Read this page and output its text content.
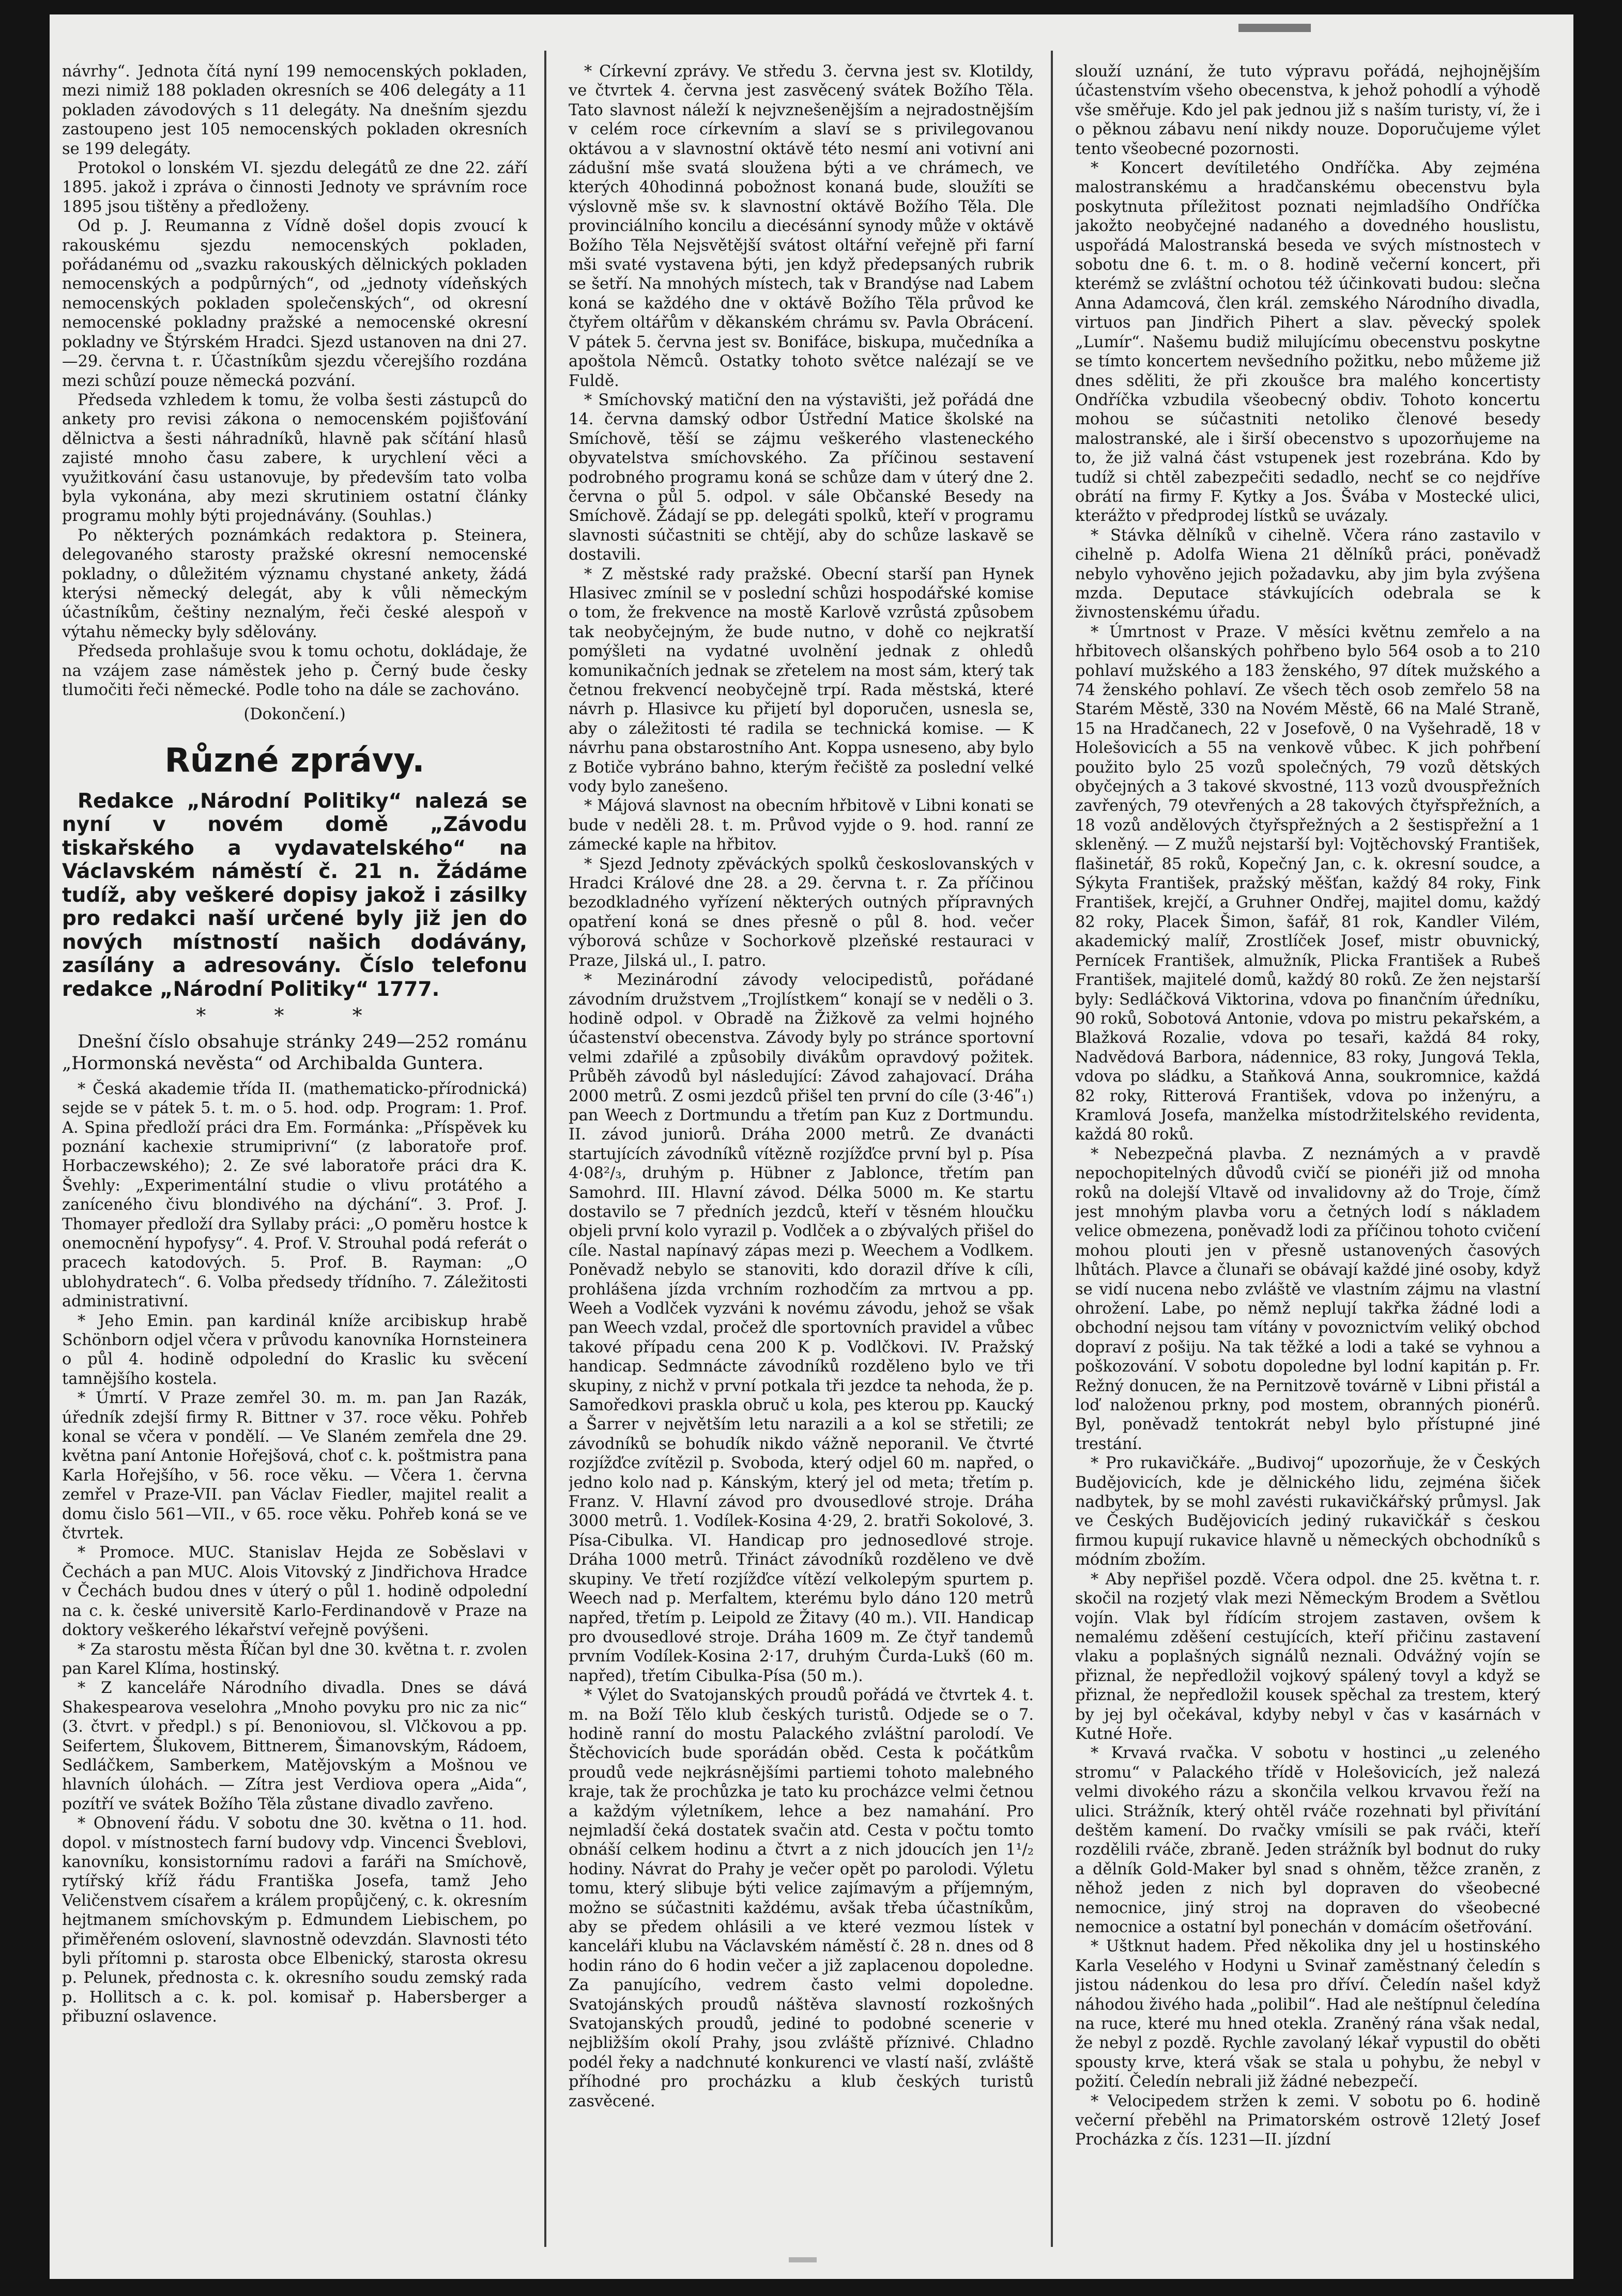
návrhy“. Jednota čítá nyní 199 nemocenských pokladen, mezi nimiž 188 pokladen okresních se 406 delegáty a 11 pokladen závodových s 11 delegáty. Na dnešním sjezdu zastoupeno jest 105 nemocenských pokladen okresních se 199 delegáty.

Protokol o lonském VI. sjezdu delegátů ze dne 22. září 1895. jakož i zpráva o činnosti Jednoty ve správním roce 1895 jsou tištěny a předloženy.

Od p. J. Reumanna z Vídně došel dopis zvoucí k rakouskému sjezdu nemocenských pokladen, pořádanému od „svazku rakouských dělnických pokladen nemocenských a podpůrných“, od „jednoty vídeňských nemocenských pokladen společenských“, od okresní nemocenské pokladny pražské a nemocenské okresní pokladny ve Štýrském Hradci. Sjezd ustanoven na dni 27.—29. června t. r. Účastníkům sjezdu včerejšího rozdána mezi schůzí pouze německá pozvání.

Předseda vzhledem k tomu, že volba šesti zástupců do ankety pro revisi zákona o nemocenském pojišťování dělnictva a šesti náhradníků, hlavně pak sčítání hlasů zajisté mnoho času zabere, k urychlení věci a využitkování času ustanovuje, by především tato volba byla vykonána, aby mezi skrutiniem ostatní články programu mohly býti projednávány. (Souhlas.)

Po některých poznámkách redaktora p. Steinera, delegovaného starosty pražské okresní nemocenské pokladny, o důležitém významu chystané ankety, žádá kterýsi německý delegát, aby k vůli německým účastníkům, češtiny neznalým, řeči české alespoň v výtahu německy byly sdělovány.

Předseda prohlašuje svou k tomu ochotu, dokládaje, že na vzájem zase náměstek jeho p. Černý bude česky tlumočiti řeči německé. Podle toho na dále se zachováno.

(Dokončení.)

Různé zprávy.

Redakce „Národní Politiky“ nalezá se nyní v novém domě „Závodu tiskařského a vydavatelského“ na Václavském náměstí č. 21 n. Žádáme tudíž, aby veškeré dopisy jakož i zásilky pro redakci naší určené byly již jen do nových místností našich dodávány, zasílány a adresovány. Číslo telefonu redakce „Národní Politiky“ 1777.

* * *

Dnešní číslo obsahuje stránky 249—252 románu „Hormonská nevěsta“ od Archibalda Guntera.

* Česká akademie třída II. (mathematicko-přírodnická) sejde se v pátek 5. t. m. o 5. hod. odp. Program: 1. Prof. A. Spina předloží práci dra Em. Formánka: „Příspěvek ku poznání kachexie strumiprivní“ (z laboratoře prof. Horbaczewského); 2. Ze své laboratoře práci dra K. Švehly: „Experimentální studie o vlivu protátého a zaníceného čivu blondivého na dýchání“. 3. Prof. J. Thomayer předloží dra Syllaby práci: „O poměru hostce k onemocnění hypofysy“. 4. Prof. V. Strouhal podá referát o pracech katodových. 5. Prof. B. Rayman: „O ublohydratech“. 6. Volba předsedy třídního. 7. Záležitosti administrativní.

* Jeho Emin. pan kardinál kníže arcibiskup hrabě Schönborn odjel včera v průvodu kanovníka Hornsteinera o půl 4. hodině odpolední do Kraslic ku svěcení tamnějšího kostela.

* Úmrtí. V Praze zemřel 30. m. m. pan Jan Razák, úředník zdejší firmy R. Bittner v 37. roce věku. Pohřeb konal se včera v pondělí. — Ve Slaném zemřela dne 29. května paní Antonie Hořejšová, choť c. k. poštmistra pana Karla Hořejšího, v 56. roce věku. — Včera 1. června zemřel v Praze-VII. pan Václav Fiedler, majitel realit a domu čislo 561—VII., v 65. roce věku. Pohřeb koná se ve čtvrtek.

* Promoce. MUC. Stanislav Hejda ze Soběslavi v Čechách a pan MUC. Alois Vitovský z Jindřichova Hradce v Čechách budou dnes v úterý o půl 1. hodině odpolední na c. k. české universitě Karlo-Ferdinandově v Praze na doktory veškerého lékařství veřejně povýšeni.

* Za starostu města Říčan byl dne 30. května t. r. zvolen pan Karel Klíma, hostinský.

* Z kanceláře Národního divadla. Dnes se dává Shakespearova veselohra „Mnoho povyku pro nic za nic“ (3. čtvrt. v předpl.) s pí. Benoniovou, sl. Vlčkovou a pp. Seifertem, Šlukovem, Bittnerem, Šimanovským, Rádoem, Sedláčkem, Samberkem, Matějovským a Mošnou ve hlavních úlohách. — Zítra jest Verdiova opera „Aida“, pozítří ve svátek Božího Těla zůstane divadlo zavřeno.

* Obnovení řádu. V sobotu dne 30. května o 11. hod. dopol. v místnostech farní budovy vdp. Vincenci Šveblovi, kanovníku, konsistornímu radovi a faráři na Smíchově, rytířský kříž řádu Františka Josefa, tamž Jeho Veličenstvem císařem a králem propůjčený, c. k. okresním hejtmanem smíchovským p. Edmundem Liebischem, po přiměřeném oslovení, slavnostně odevzdán. Slavnosti této byli přítomni p. starosta obce Elbenický, starosta okresu p. Pelunek, přednosta c. k. okresního soudu zemský rada p. Hollitsch a c. k. pol. komisař p. Habersberger a přibuzní oslavence.

* Církevní zprávy. Ve středu 3. června jest sv. Klotildy, ve čtvrtek 4. června jest zasvěcený svátek Božího Těla. Tato slavnost náleží k nejvznešenějším a nejradostnějším v celém roce církevním a slaví se s privilegovanou oktávou a v slavnostní oktávě této nesmí ani votivní ani zádušní mše svatá sloužena býti a ve chrámech, ve kterých 40hodinná pobožnost konaná bude, sloužíti se výslovně mše sv. k slavnostní oktávě Božího Těla. Dle provinciálního koncilu a diecésánní synody může v oktávě Božího Těla Nejsvětější svátost oltářní veřejně při farní mši svaté vystavena býti, jen když předepsaných rubrik se šetří. Na mnohých místech, tak v Brandýse nad Labem koná se každého dne v oktávě Božího Těla průvod ke čtyřem oltářům v děkanském chrámu sv. Pavla Obrácení. V pátek 5. června jest sv. Bonifáce, biskupa, mučedníka a apoštola Němců. Ostatky tohoto světce nalézají se ve Fuldě.

* Smíchovský matiční den na výstavišti, jež pořádá dne 14. června damský odbor Ústřední Matice školské na Smíchově, těší se zájmu veškerého vlasteneckého obyvatelstva smíchovského. Za příčinou sestavení podrobného programu koná se schůze dam v úterý dne 2. června o půl 5. odpol. v sále Občanské Besedy na Smíchově. Žádají se pp. delegáti spolků, kteří v programu slavnosti súčastniti se chtějí, aby do schůze laskavě se dostavili.

* Z městské rady pražské. Obecní starší pan Hynek Hlasivec zmínil se v poslední schůzi hospodářské komise o tom, že frekvence na mostě Karlově vzrůstá způsobem tak neobyčejným, že bude nutno, v dohě co nejkratší pomýšleti na vydatné uvolnění jednak z ohledů komunikačních jednak se zřetelem na most sám, který tak četnou frekvencí neobyčejně trpí. Rada městská, které návrh p. Hlasivce ku přijetí byl doporučen, usnesla se, aby o záležitosti té radila se technická komise. — K návrhu pana obstarostního Ant. Koppa usneseno, aby bylo z Botiče vybráno bahno, kterým řečiště za poslední velké vody bylo zanešeno.

* Májová slavnost na obecním hřbitově v Libni konati se bude v neděli 28. t. m. Průvod vyjde o 9. hod. ranní ze zámecké kaple na hřbitov.

* Sjezd Jednoty zpěváckých spolků českoslovanských v Hradci Králové dne 28. a 29. června t. r. Za příčinou bezodkladného vyřízení některých outných přípravných opatření koná se dnes přesně o půl 8. hod. večer výborová schůze v Sochorkově plzeňské restauraci v Praze, Jilská ul., I. patro.

* Mezinárodní závody velocipedistů, pořádané závodním družstvem „Trojlístkem“ konají se v neděli o 3. hodině odpol. v Obradě na Žižkově za velmi hojného účastenství obecenstva. Závody byly po stránce sportovní velmi zdařilé a způsobily divákům opravdový požitek. Průběh závodů byl následující: Závod zahajovací. Dráha 2000 metrů. Z osmi jezdců přišel ten první do cíle (3·46ʺ₁) pan Weech z Dortmundu a třetím pan Kuz z Dortmundu. II. závod juniorů. Dráha 2000 metrů. Ze dvanácti startujících závodníků vítězně rozjížďce první byl p. Písa 4·08²/₃, druhým p. Hübner z Jablonce, třetím pan Samohrd. III. Hlavní závod. Délka 5000 m. Ke startu dostavilo se 7 předních jezdců, kteří v těsném hloučku objeli první kolo vyrazil p. Vodlček a o zbývalých přišel do cíle. Nastal napínavý zápas mezi p. Weechem a Vodlkem. Poněvadž nebylo se stanoviti, kdo dorazil dříve k cíli, prohlášena jízda vrchním rozhodčím za mrtvou a pp. Weeh a Vodlček vyzváni k novému závodu, jehož se však pan Weech vzdal, pročež dle sportovních pravidel a vůbec takové případu cena 200 K p. Vodlčkovi. IV. Pražský handicap. Sedmnácte závodníků rozděleno bylo ve tři skupiny, z nichž v první potkala tři jezdce ta nehoda, že p. Samoředkovi praskla obruč u kola, pes kterou pp. Kaucký a Šarrer v největším letu narazili a a kol se střetili; ze závodníků se bohudík nikdo vážně neporanil. Ve čtvrté rozjížďce zvítězil p. Svoboda, který odjel 60 m. napřed, o jedno kolo nad p. Kánským, který jel od meta; třetím p. Franz. V. Hlavní závod pro dvousedlové stroje. Dráha 3000 metrů. 1. Vodílek-Kosina 4·29, 2. bratři Sokolové, 3. Písa-Cibulka. VI. Handicap pro jednosedlové stroje. Dráha 1000 metrů. Třináct závodníků rozděleno ve dvě skupiny. Ve třetí rozjížďce vítězí velkolepým spurtem p. Weech nad p. Merfaltem, kterému bylo dáno 120 metrů napřed, třetím p. Leipold ze Žitavy (40 m.). VII. Handicap pro dvousedlové stroje. Dráha 1609 m. Ze čtyř tandemů prvním Vodílek-Kosina 2·17, druhým Čurda-Lukš (60 m. napřed), třetím Cibulka-Písa (50 m.).

* Výlet do Svatojanských proudů pořádá ve čtvrtek 4. t. m. na Boží Tělo klub českých turistů. Odjede se o 7. hodině ranní do mostu Palackého zvláštní parolodí. Ve Štěchovicích bude sporádán oběd. Cesta k počátkům proudů vede nejkrásnějšími partiemi tohoto malebného kraje, tak že prochůzka je tato ku procházce velmi četnou a každým výletníkem, lehce a bez namahání. Pro nejmladší čeká dostatek svačin atd. Cesta v počtu tomto obnáší celkem hodinu a čtvrt a z nich jdoucích jen 1¹/₂ hodiny. Návrat do Prahy je večer opět po parolodi. Výletu tomu, který slibuje býti velice zajímavým a příjemným, možno se súčastniti každému, avšak třeba účastníkům, aby se předem ohlásili a ve které vezmou lístek v kanceláři klubu na Václavském náměstí č. 28 n. dnes od 8 hodin ráno do 6 hodin večer a již zaplacenou dopoledne. Za panujícího, vedrem často velmi dopoledne. Svatojánských proudů náštěva slavností rozkošných Svatojanských proudů, jediné to podobné scenerie v nejbližším okolí Prahy, jsou zvláště příznivé. Chladno podél řeky a nadchnuté konkurenci ve vlastí naší, zvláště příhodné pro procházku a klub českých turistů zasvěcené.

slouží uznání, že tuto výpravu pořádá, nejhojnějším účastenstvím všeho obecenstva, k jehož pohodlí a výhodě vše směřuje. Kdo jel pak jednou již s naším turisty, ví, že i o pěknou zábavu není nikdy nouze. Doporučujeme výlet tento všeobecné pozornosti.

* Koncert devítiletého Ondříčka. Aby zejména malostranskému a hradčanskému obecenstvu byla poskytnuta příležitost poznati nejmladšího Ondříčka jakožto neobyčejné nadaného a dovedného houslistu, uspořádá Malostranská beseda ve svých místnostech v sobotu dne 6. t. m. o 8. hodině večerní koncert, při kterémž se zvláštní ochotou též účinkovati budou: slečna Anna Adamcová, člen král. zemského Národního divadla, virtuos pan Jindřich Pihert a slav. pěvecký spolek „Lumír“. Našemu budiž milujícímu obecenstvu poskytne se tímto koncertem nevšedního požitku, nebo můžeme již dnes sděliti, že při zkoušce bra malého koncertisty Ondříčka vzbudila všeobecný obdiv. Tohoto koncertu mohou se súčastniti netoliko členové besedy malostranské, ale i širší obecenstvo s upozorňujeme na to, že již valná část vstupenek jest rozebrána. Kdo by tudíž si chtěl zabezpečiti sedadlo, nechť se co nejdříve obrátí na firmy F. Kytky a Jos. Švába v Mostecké ulici, kterážto v předprodej lístků se uvázaly.

* Stávka dělníků v cihelně. Včera ráno zastavilo v cihelně p. Adolfa Wiena 21 dělníků práci, poněvadž nebylo vyhověno jejich požadavku, aby jim byla zvýšena mzda. Deputace stávkujících odebrala se k živnostenskému úřadu.

* Úmrtnost v Praze. V měsíci květnu zemřelo a na hřbitovech olšanských pohřbeno bylo 564 osob a to 210 pohlaví mužského a 183 ženského, 97 dítek mužského a 74 ženského pohlaví. Ze všech těch osob zemřelo 58 na Starém Městě, 330 na Novém Městě, 66 na Malé Straně, 15 na Hradčanech, 22 v Josefově, 0 na Vyšehradě, 18 v Holešovicích a 55 na venkově vůbec. K jich pohřbení použito bylo 25 vozů společných, 79 vozů dětských obyčejných a 3 takové skvostné, 113 vozů dvouspřežních zavřených, 79 otevřených a 28 takových čtyřspřežních, a 18 vozů andělových čtyřspřežných a 2 šestispřežní a 1 skleněný. — Z mužů nejstarší byl: Vojtěchovský František, flašinetář, 85 roků, Kopečný Jan, c. k. okresní soudce, a Sýkyta František, pražský měšťan, každý 84 roky, Fink František, krejčí, a Gruhner Ondřej, majitel domu, každý 82 roky, Placek Šimon, šafář, 81 rok, Kandler Vilém, akademický malíř, Zrostlíček Josef, mistr obuvnický, Pernícek František, almužník, Plicka František a Rubeš František, majitelé domů, každý 80 roků. Ze žen nejstarší byly: Sedláčková Viktorina, vdova po finančním úředníku, 90 roků, Sobotová Antonie, vdova po mistru pekařském, a Blažková Rozalie, vdova po tesaři, každá 84 roky, Nadvědová Barbora, nádennice, 83 roky, Jungová Tekla, vdova po sládku, a Staňková Anna, soukromnice, každá 82 roky, Ritterová František, vdova po inženýru, a Kramlová Josefa, manželka místodržitelského revidenta, každá 80 roků.

* Nebezpečná plavba. Z neznámých a v pravdě nepochopitelných důvodů cvičí se pionéři již od mnoha roků na dolejší Vltavě od invalidovny až do Troje, čímž jest mnohým plavba voru a četných lodí s nákladem velice obmezena, poněvadž lodi za příčinou tohoto cvičení mohou plouti jen v přesně ustanovených časových lhůtách. Plavce a člunaři se obávají každé jiné osoby, když se vidí nucena nebo zvláště ve vlastním zájmu na vlastní ohrožení. Labe, po němž neplují takřka žádné lodi a obchodní nejsou tam vítány v povoznictvím veliký obchod dopraví z pošiju. Na tak těžké a lodi a také se vyhnou a poškozování. V sobotu dopoledne byl lodní kapitán p. Fr. Režný donucen, že na Pernitzově továrně v Libni přistál a loď naloženou prkny, pod mostem, obranných pionérů. Byl, poněvadž tentokrát nebyl bylo přístupné jiné trestání.

* Pro rukavičkáře. „Budivoj“ upozorňuje, že v Českých Budějovicích, kde je dělnického lidu, zejména šiček nadbytek, by se mohl zavésti rukavičkářský průmysl. Jak ve Českých Budějovicích jediný rukavičkář s českou firmou kupují rukavice hlavně u německých obchodníků s módním zbožím.

* Aby nepřišel pozdě. Včera odpol. dne 25. května t. r. skočil na rozjetý vlak mezi Německým Brodem a Světlou vojín. Vlak byl řídícím strojem zastaven, ovšem k nemalému zděšení cestujících, kteří přičinu zastavení vlaku a poplašných signálů neznali. Odvážný vojín se přiznal, že nepředložil vojkový spálený tovyl a když se přiznal, že nepředložil kousek spěchal za trestem, který by jej byl očekával, kdyby nebyl v čas v kasárnách v Kutné Hoře.

* Krvavá rvačka. V sobotu v hostinci „u zeleného stromu“ v Palackého třídě v Holešovicích, jež nalezá velmi divokého rázu a skončila velkou krvavou řeží na ulici. Strážník, který ohtěl rváče rozehnati byl přivítání deštěm kamení. Do rvačky vmísili se pak rváči, kteří rozdělili rváče, zbraně. Jeden strážník byl bodnut do ruky a dělník Gold-Maker byl snad s ohněm, těžce zraněn, z něhož jeden z nich byl dopraven do všeobecné nemocnice, jiný stroj na dopraven do všeobecné nemocnice a ostatní byl ponechán v domácím ošetřování.

* Uštknut hadem. Před několika dny jel u hostinského Karla Veselého v Hodyni u Svinař zaměstnaný čeledín s jistou nádenkou do lesa pro dříví. Čeledín našel když náhodou živého hada „polibil“. Had ale neštípnul čeledína na ruce, které mu hned otekla. Zraněný rána však nedal, že nebyl z pozdě. Rychle zavolaný lékař vypustil do oběti spousty krve, která však se stala u pohybu, že nebyl v požití. Čeledín nebrali již žádné nebezpečí.

* Velocipedem stržen k zemi. V sobotu po 6. hodině večerní přeběhl na Primatorském ostrově 12letý Josef Procházka z čís. 1231—II. jízdní
